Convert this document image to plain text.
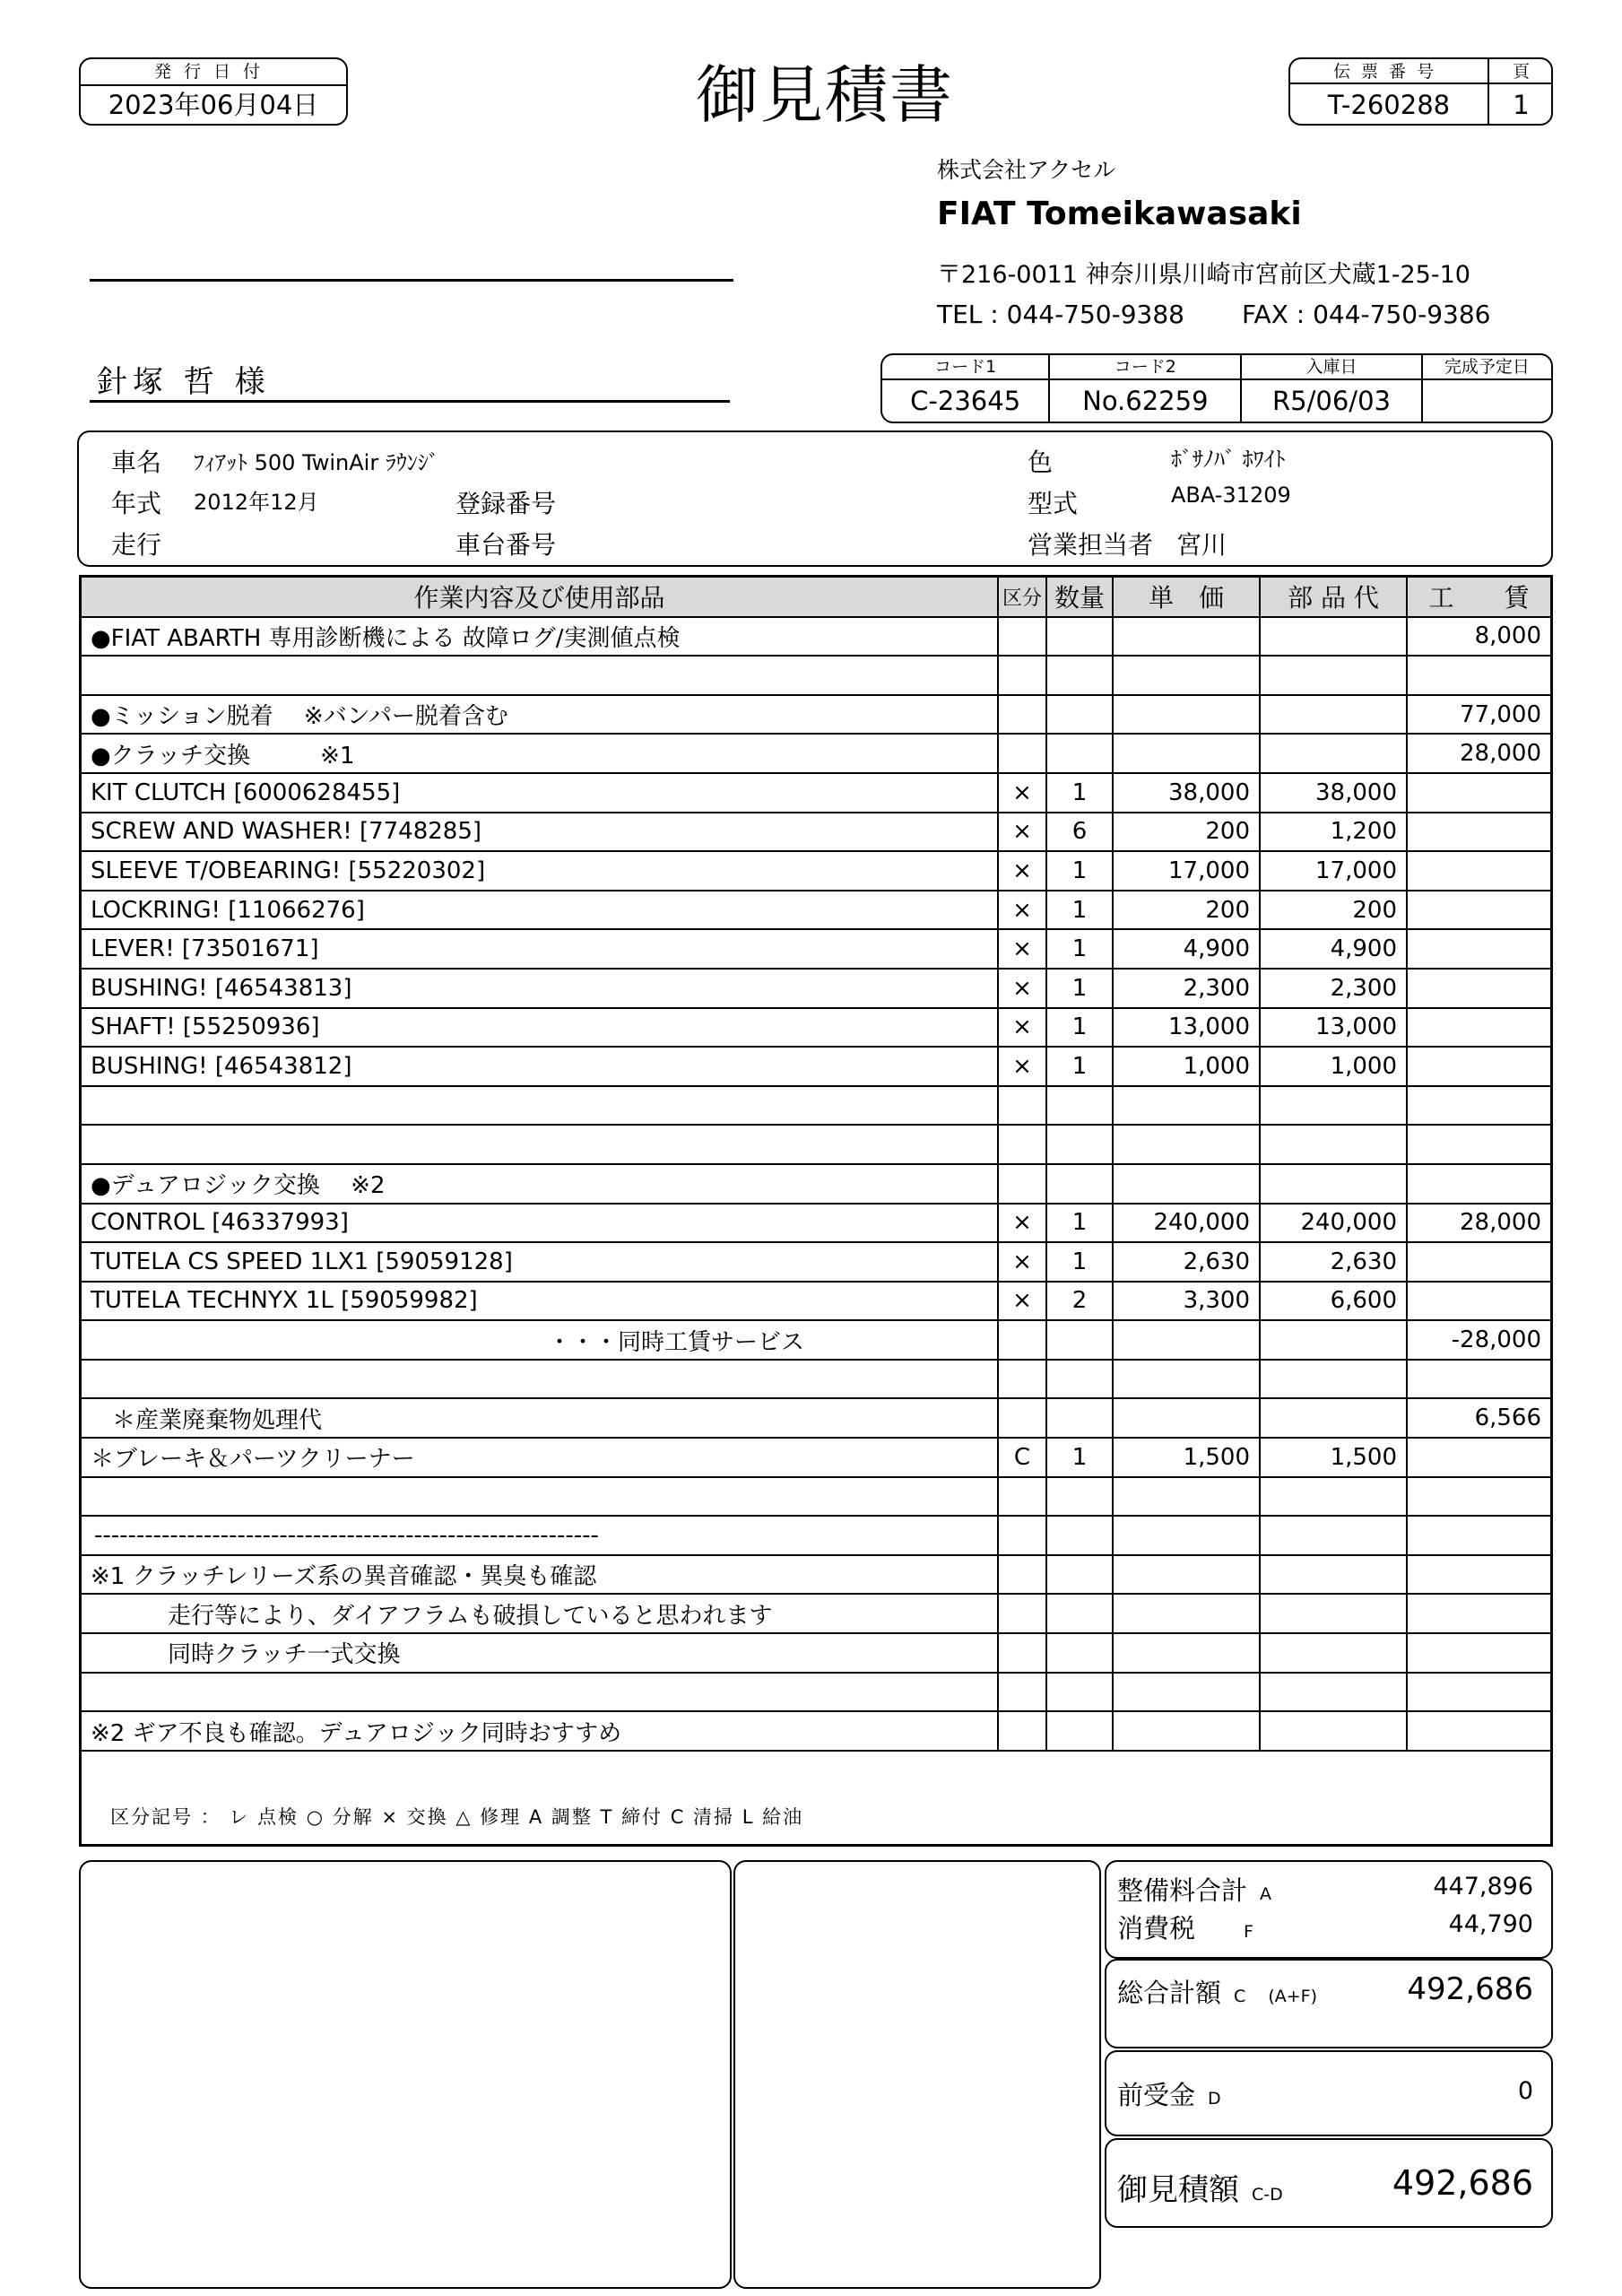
発行日付
2023年06月04日	御見積書	伝票番号	頁
T-260288	1
株式会社アクセル
FIAT Tomeikawasaki
〒216-0011 神奈川県川崎市宮前区犬蔵1-25-10
TEL : 044-750-9388 FAX : 044-750-9386
針塚 哲 様	コード1	コード2	入庫日	完成予定日
C-23645	No.62259	R5/06/03	
車名 ﾌｨｱｯﾄ 500 TwinAir ﾗｳﾝｼﾞ
年式 2012年12月
走行
登録番号
車台番号
色	ﾎﾞｻﾉﾊﾞ ﾎﾜｲﾄ
型式	ABA-31209
営業担当者 宮川
作業内容及び使用部品	区分	数量	単　価	部 品 代	工　　賃
●FIAT ABARTH 専用診断機による 故障ログ/実測値点検					8,000

●ミッション脱着　 ※バンパー脱着含む					77,000
●クラッチ交換　　　※1					28,000
KIT CLUTCH [6000628455]	×	1	38,000	38,000	
SCREW AND WASHER! [7748285]	×	6	200	1,200	
SLEEVE T/OBEARING! [55220302]	×	1	17,000	17,000	
LOCKRING! [11066276]	×	1	200	200	
LEVER! [73501671]	×	1	4,900	4,900	
BUSHING! [46543813]	×	1	2,300	2,300	
SHAFT! [55250936]	×	1	13,000	13,000	
BUSHING! [46543812]	×	1	1,000	1,000	

●デュアロジック交換　 ※2					
CONTROL [46337993]	×	1	240,000	240,000	28,000
TUTELA CS SPEED 1LX1 [59059128]	×	1	2,630	2,630	
TUTELA TECHNYX 1L [59059982]	×	2	3,300	6,600	
・・・同時工賃サービス					-28,000

＊産業廃棄物処理代					6,566
＊ブレーキ＆パーツクリーナー	C	1	1,500	1,500	

------------------------------------------------------------					
※1 クラッチレリーズ系の異音確認・異臭も確認					
走行等により、ダイアフラムも破損していると思われます					
同時クラッチ一式交換					

※2 ギア不良も確認。デュアロジック同時おすすめ					
区分記号 ： レ 点検 ○ 分解 × 交換 △ 修理 A 調整 T 締付 C 清掃 L 給油
整備料合計 A	447,896
消費税	F	44,790
総合計額 C　 (A+F)	492,686
前受金 D	0
御見積額 C-D	492,686
